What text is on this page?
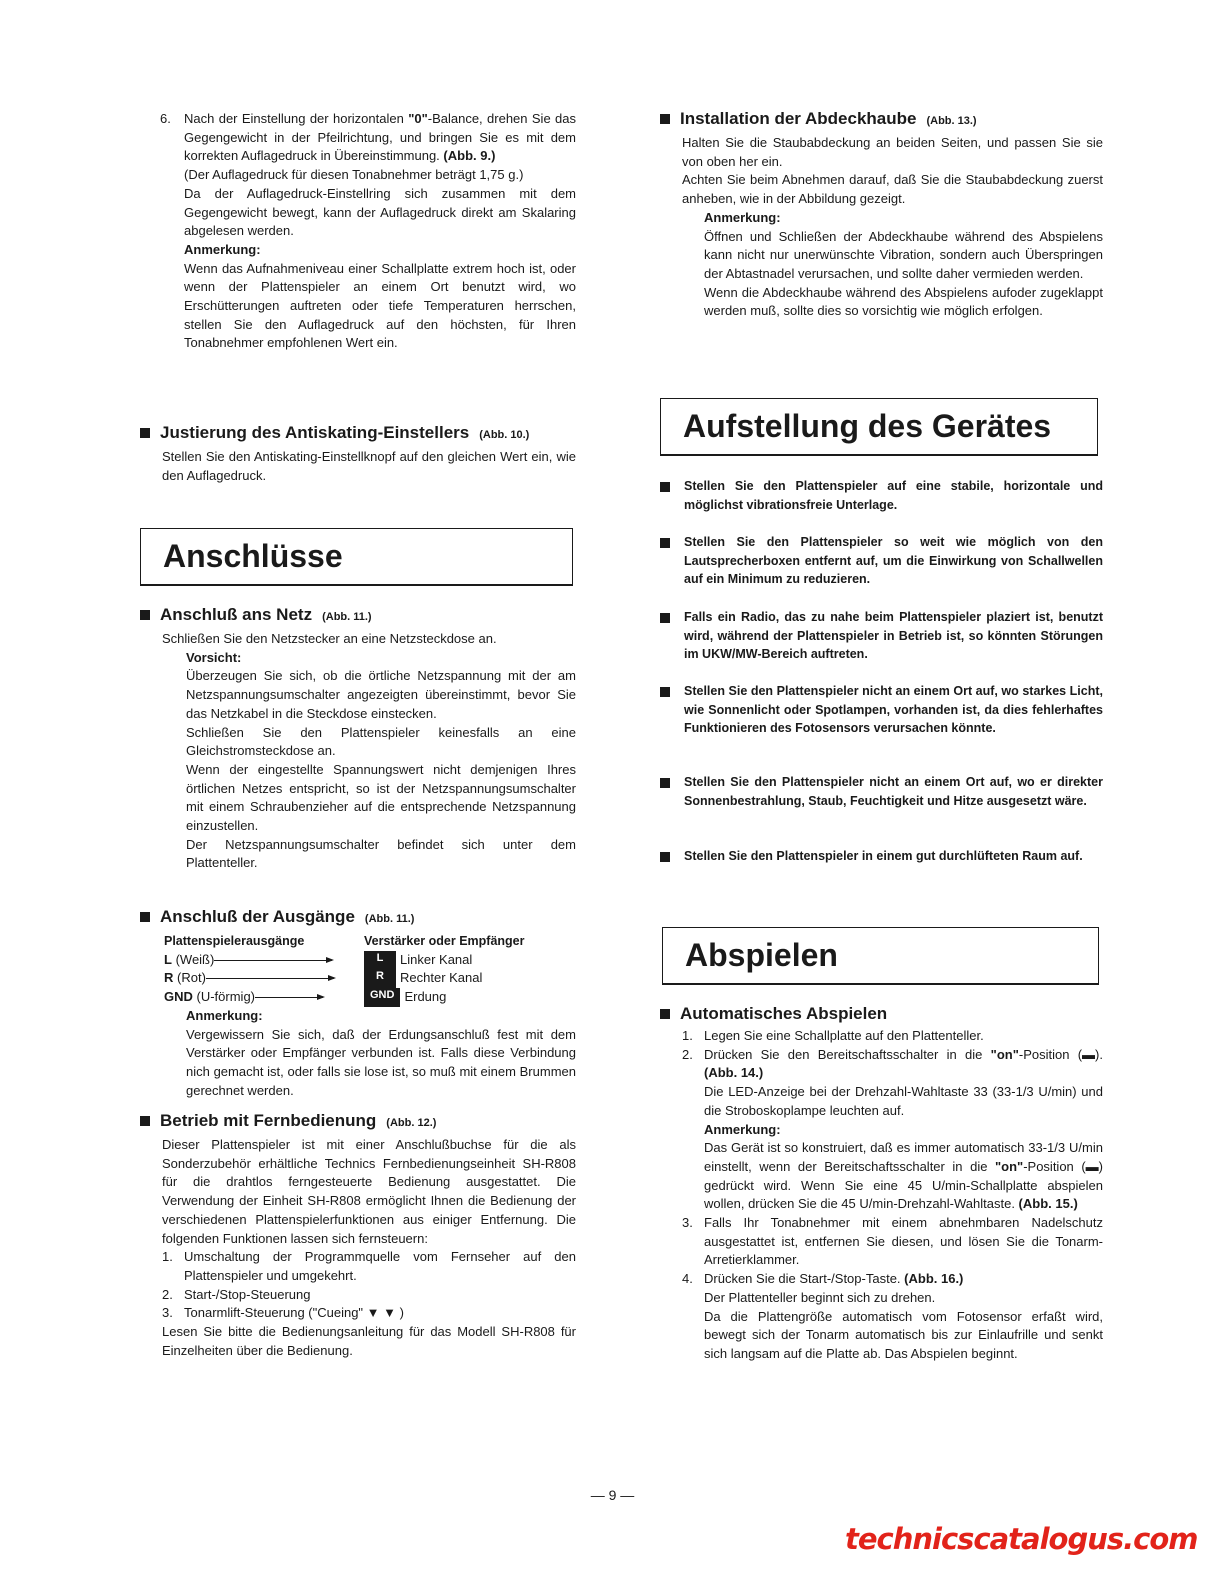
6.	Nach der Einstellung der horizontalen "0"-Balance, drehen Sie das Gegengewicht in der Pfeilrichtung, und bringen Sie es mit dem korrekten Auflagedruck in Übereinstimmung. (Abb. 9.)
(Der Auflagedruck für diesen Tonabnehmer beträgt 1,75 g.)
Da der Auflagedruck-Einstellring sich zusammen mit dem Gegengewicht bewegt, kann der Auflagedruck direkt am Skalaring abgelesen werden.
Anmerkung:
Wenn das Aufnahmeniveau einer Schallplatte extrem hoch ist, oder wenn der Plattenspieler an einem Ort benutzt wird, wo Erschütterungen auftreten oder tiefe Temperaturen herrschen, stellen Sie den Auflagedruck auf den höchsten, für Ihren Tonabnehmer empfohlenen Wert ein.
Justierung des Antiskating-Einstellers (Abb. 10.)
Stellen Sie den Antiskating-Einstellknopf auf den gleichen Wert ein, wie den Auflagedruck.
Anschlüsse
Anschluß ans Netz (Abb. 11.)
Schließen Sie den Netzstecker an eine Netzsteckdose an.
Vorsicht:
Überzeugen Sie sich, ob die örtliche Netzspannung mit der am Netzspannungsumschalter angezeigten übereinstimmt, bevor Sie das Netzkabel in die Steckdose einstecken.
Schließen Sie den Plattenspieler keinesfalls an eine Gleichstromsteckdose an.
Wenn der eingestellte Spannungswert nicht demjenigen Ihres örtlichen Netzes entspricht, so ist der Netzspannungsumschalter mit einem Schraubenzieher auf die entsprechende Netzspannung einzustellen.
Der Netzspannungsumschalter befindet sich unter dem Plattenteller.
Anschluß der Ausgänge (Abb. 11.)
Plattenspielerausgänge	Verstärker oder Empfänger
L (Weiß)	L	Linker Kanal
R (Rot)	R	Rechter Kanal
GND (U-förmig)	GND Erdung
Anmerkung:
Vergewissern Sie sich, daß der Erdungsanschluß fest mit dem Verstärker oder Empfänger verbunden ist. Falls diese Verbindung nich gemacht ist, oder falls sie lose ist, so muß mit einem Brummen gerechnet werden.
Betrieb mit Fernbedienung (Abb. 12.)
Dieser Plattenspieler ist mit einer Anschlußbuchse für die als Sonderzubehör erhältliche Technics Fernbedienungseinheit SH-R808 für die drahtlos ferngesteuerte Bedienung ausgestattet. Die Verwendung der Einheit SH-R808 ermöglicht Ihnen die Bedienung der verschiedenen Plattenspielerfunktionen aus einiger Entfernung. Die folgenden Funktionen lassen sich fernsteuern:
1. Umschaltung der Programmquelle vom Fernseher auf den Plattenspieler und umgekehrt.
2. Start-/Stop-Steuerung
3. Tonarmlift-Steuerung ("Cueing" ▼ ▼ )
Lesen Sie bitte die Bedienungsanleitung für das Modell SH-R808 für Einzelheiten über die Bedienung.
Installation der Abdeckhaube (Abb. 13.)
Halten Sie die Staubabdeckung an beiden Seiten, und passen Sie sie von oben her ein.
Achten Sie beim Abnehmen darauf, daß Sie die Staubabdeckung zuerst anheben, wie in der Abbildung gezeigt.
Anmerkung:
Öffnen und Schließen der Abdeckhaube während des Abspielens kann nicht nur unerwünschte Vibration, sondern auch Überspringen der Abtastnadel verursachen, und sollte daher vermieden werden.
Wenn die Abdeckhaube während des Abspielens aufoder zugeklappt werden muß, sollte dies so vorsichtig wie möglich erfolgen.
Aufstellung des Gerätes
Stellen Sie den Plattenspieler auf eine stabile, horizontale und möglichst vibrationsfreie Unterlage.
Stellen Sie den Plattenspieler so weit wie möglich von den Lautsprecherboxen entfernt auf, um die Einwirkung von Schallwellen auf ein Minimum zu reduzieren.
Falls ein Radio, das zu nahe beim Plattenspieler plaziert ist, benutzt wird, während der Plattenspieler in Betrieb ist, so könnten Störungen im UKW/MW-Bereich auftreten.
Stellen Sie den Plattenspieler nicht an einem Ort auf, wo starkes Licht, wie Sonnenlicht oder Spotlampen, vorhanden ist, da dies fehlerhaftes Funktionieren des Fotosensors verursachen könnte.
Stellen Sie den Plattenspieler nicht an einem Ort auf, wo er direkter Sonnenbestrahlung, Staub, Feuchtigkeit und Hitze ausgesetzt wäre.
Stellen Sie den Plattenspieler in einem gut durchlüfteten Raum auf.
Abspielen
Automatisches Abspielen
1. Legen Sie eine Schallplatte auf den Plattenteller.
2. Drücken Sie den Bereitschaftsschalter in die "on"-Position (▬). (Abb. 14.)
Die LED-Anzeige bei der Drehzahl-Wahltaste 33 (33-1/3 U/min) und die Stroboskoplampe leuchten auf.
Anmerkung:
Das Gerät ist so konstruiert, daß es immer automatisch 33-1/3 U/min einstellt, wenn der Bereitschaftsschalter in die "on"-Position (▬) gedrückt wird. Wenn Sie eine 45 U/min-Schallplatte abspielen wollen, drücken Sie die 45 U/min-Drehzahl-Wahltaste. (Abb. 15.)
3. Falls Ihr Tonabnehmer mit einem abnehmbaren Nadelschutz ausgestattet ist, entfernen Sie diesen, und lösen Sie die Tonarm-Arretierklammer.
4. Drücken Sie die Start-/Stop-Taste. (Abb. 16.)
Der Plattenteller beginnt sich zu drehen.
Da die Plattengröße automatisch vom Fotosensor erfaßt wird, bewegt sich der Tonarm automatisch bis zur Einlaufrille und senkt sich langsam auf die Platte ab. Das Abspielen beginnt.
— 9 —
technicscatalogus.com
